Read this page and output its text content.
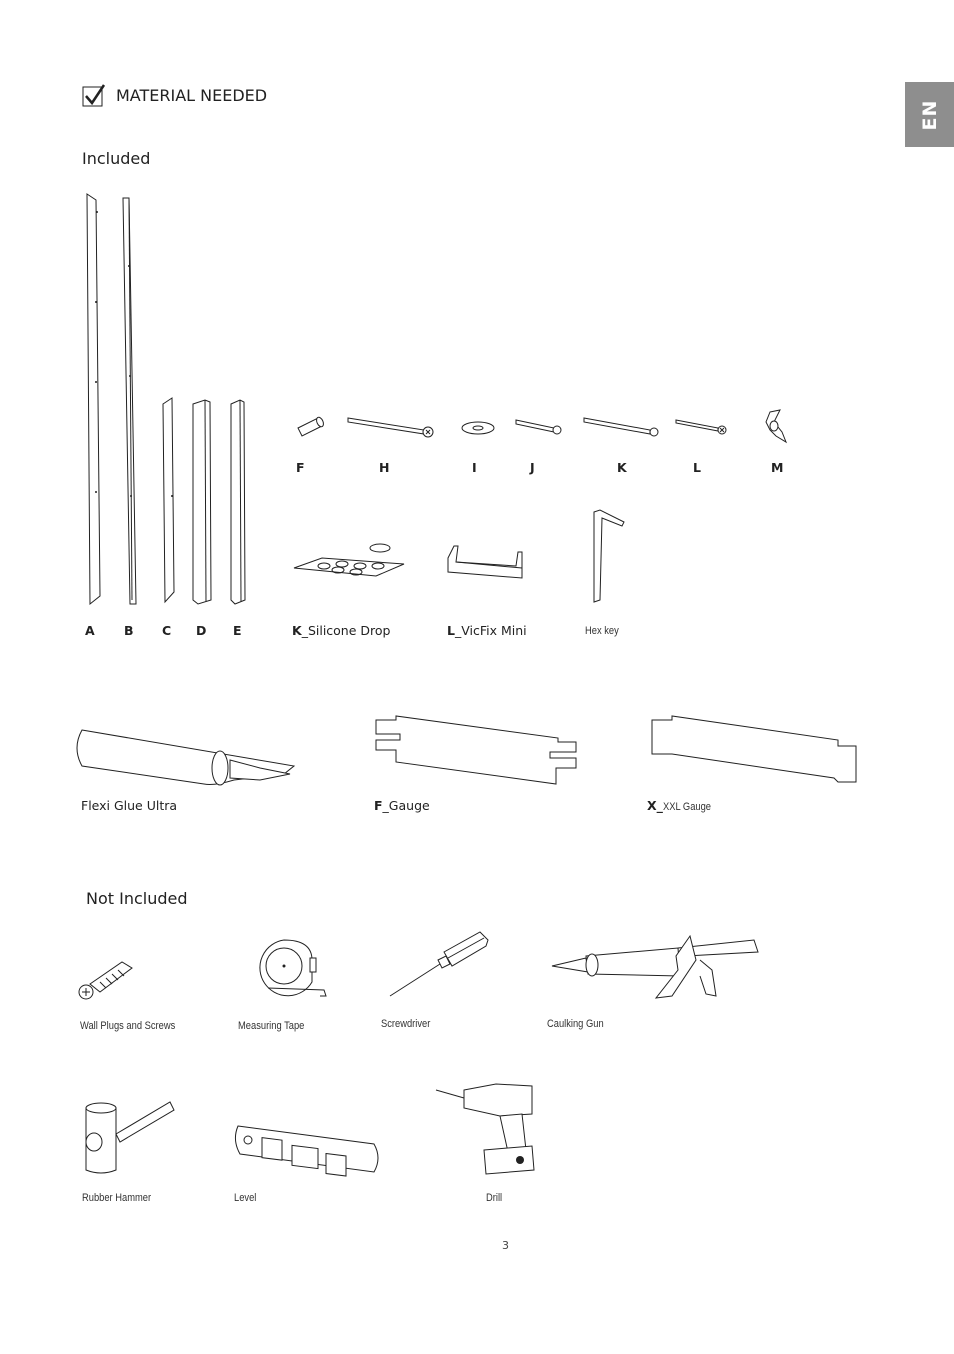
EN
MATERIAL NEEDED
Included
A B C D E
F	H	I	J	K	L	M
K_Silicone Drop	L_VicFix Mini	Hex key
Flexi Glue Ultra	F_Gauge	X_XXL Gauge
Not Included
Wall Plugs and Screws	Measuring Tape	Screwdriver	Caulking Gun
Rubber Hammer	Level	Drill
3
